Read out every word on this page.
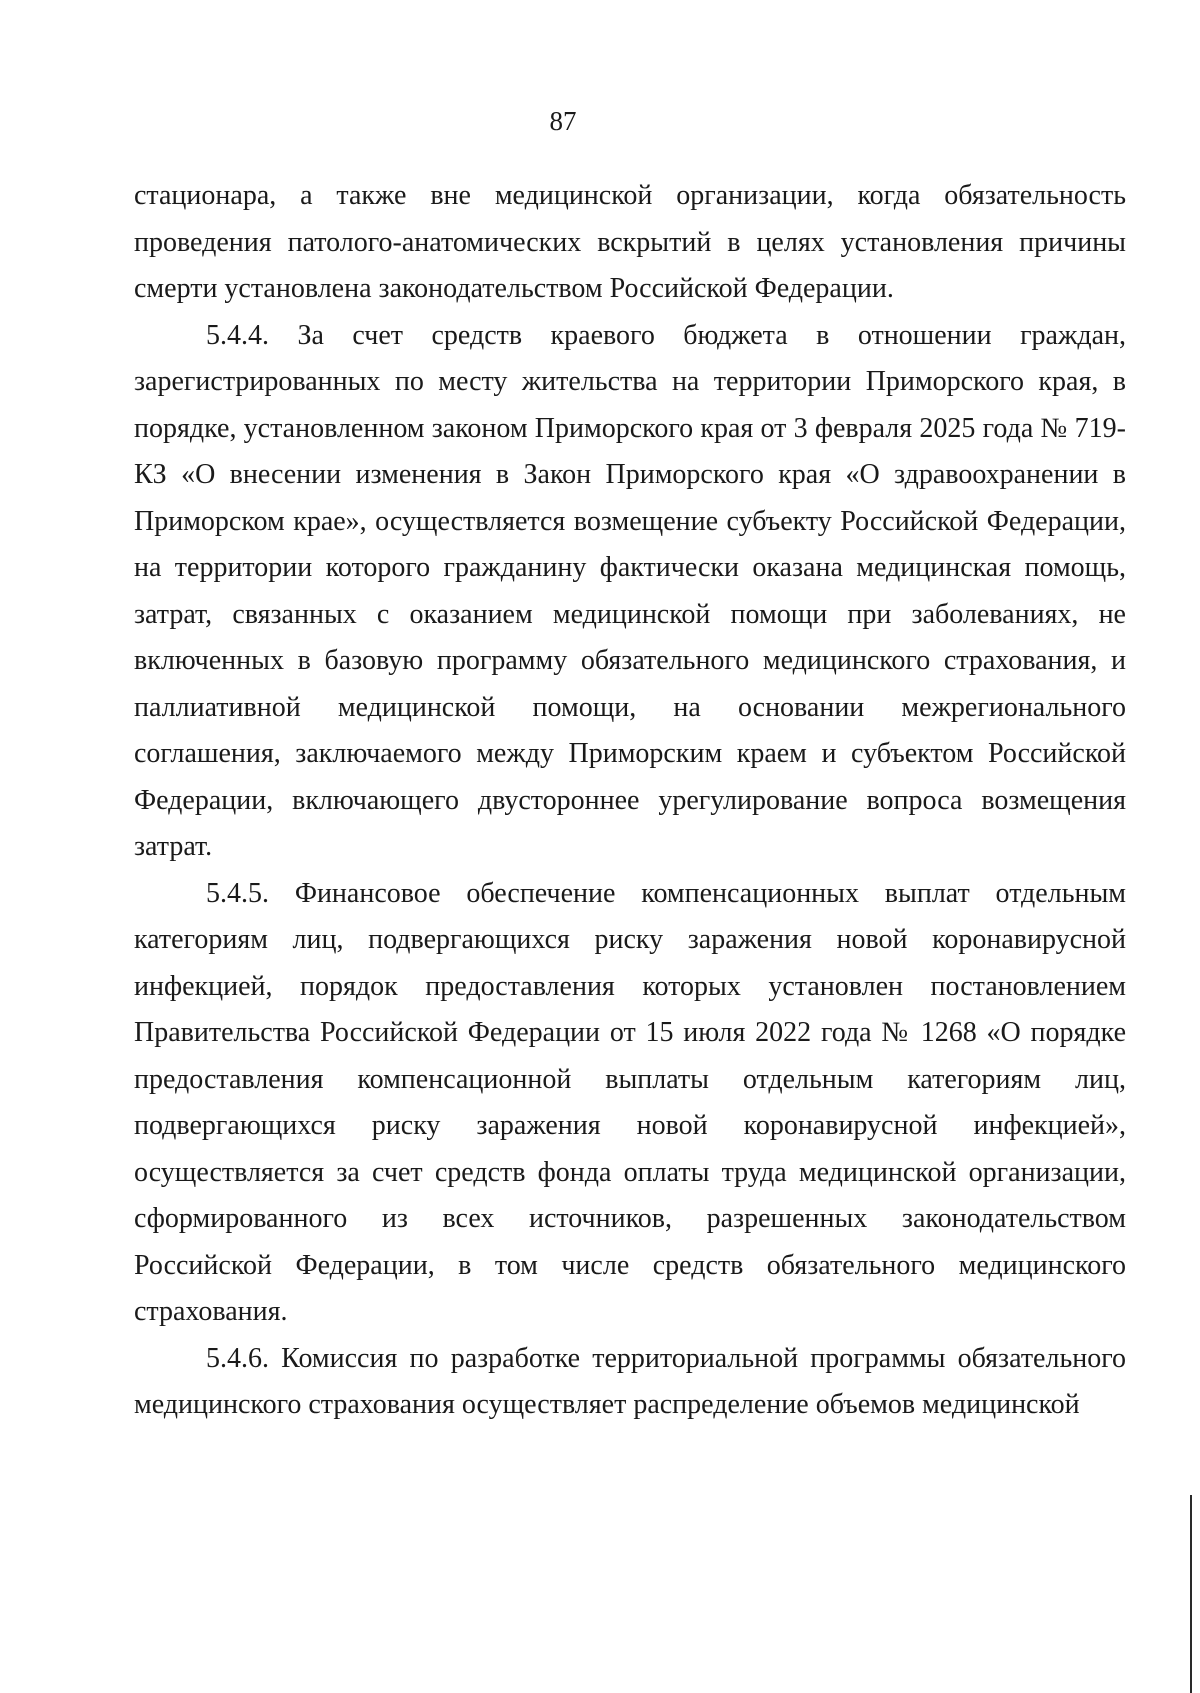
87

стационара, а также вне медицинской организации, когда обязательность проведения патолого-анатомических вскрытий в целях установления причины смерти установлена законодательством Российской Федерации.

5.4.4. За счет средств краевого бюджета в отношении граждан, зарегистрированных по месту жительства на территории Приморского края, в порядке, установленном законом Приморского края от 3 февраля 2025 года № 719-КЗ «О внесении изменения в Закон Приморского края «О здравоохранении в Приморском крае», осуществляется возмещение субъекту Российской Федерации, на территории которого гражданину фактически оказана медицинская помощь, затрат, связанных с оказанием медицинской помощи при заболеваниях, не включенных в базовую программу обязательного медицинского страхования, и паллиативной медицинской помощи, на основании межрегионального соглашения, заключаемого между Приморским краем и субъектом Российской Федерации, включающего двустороннее урегулирование вопроса возмещения затрат.

5.4.5. Финансовое обеспечение компенсационных выплат отдельным категориям лиц, подвергающихся риску заражения новой коронавирусной инфекцией, порядок предоставления которых установлен постановлением Правительства Российской Федерации от 15 июля 2022 года № 1268 «О порядке предоставления компенсационной выплаты отдельным категориям лиц, подвергающихся риску заражения новой коронавирусной инфекцией», осуществляется за счет средств фонда оплаты труда медицинской организации, сформированного из всех источников, разрешенных законодательством Российской Федерации, в том числе средств обязательного медицинского страхования.

5.4.6. Комиссия по разработке территориальной программы обязательного медицинского страхования осуществляет распределение объемов медицинской
